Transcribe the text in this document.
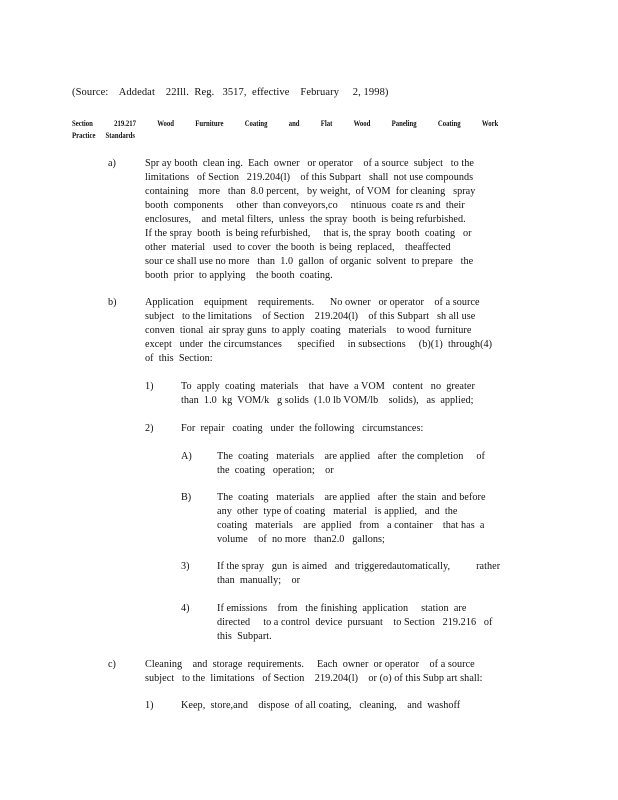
(Source:    Addedat    22Ill.  Reg.   3517,  effective    February     2, 1998)
Section	219.217	Wood	Furniture	Coating	and	Flat	Wood	Paneling	Coating	Work
Practice      Standards
a)	Spr ay booth  clean ing.  Each  owner   or operator    of a source  subject   to the
limitations   of Section   219.204(l)    of this Subpart   shall  not use compounds
containing    more   than  8.0 percent,   by weight,  of VOM  for cleaning   spray
booth  components     other  than conveyors,co     ntinuous  coate rs and  their
enclosures,    and  metal filters,  unless  the spray  booth  is being refurbished.
If the spray  booth  is being refurbished,     that is, the spray  booth  coating   or
other  material   used  to cover  the booth  is being  replaced,    theaffected
sour ce shall use no more   than  1.0  gallon  of organic  solvent  to prepare   the
booth  prior  to applying    the booth  coating.
b)	Application    equipment    requirements.      No owner   or operator    of a source
subject   to the limitations    of Section    219.204(l)    of this Subpart   sh all use
conven  tional  air spray guns  to apply  coating   materials    to wood  furniture
except   under  the circumstances      specified     in subsections     (b)(1)  through(4)
of  this  Section:
1)	To  apply  coating  materials    that  have  a VOM   content   no  greater
than  1.0  kg  VOM/k   g solids  (1.0 lb VOM/lb    solids),   as  applied;
2)	For  repair   coating   under  the following   circumstances:
A) The  coating   materials    are applied   after  the completion     of
the  coating   operation;    or
B)	The  coating   materials    are applied   after  the stain  and before
any  other  type of coating   material   is applied,   and  the
coating   materials    are  applied   from   a container    that has  a
volume    of  no more   than2.0   gallons;
3)	If the spray   gun  is aimed   and  triggeredautomatically,          rather
than  manually;    or
4)	If emissions    from   the finishing  application     station  are
directed     to a control  device  pursuant    to Section   219.216   of
this  Subpart.
c)	Cleaning    and  storage  requirements.     Each  owner  or operator    of a source
subject   to the  limitations   of Section    219.204(l)    or (o) of this Subp art shall:
1)	Keep,  store,and    dispose  of all coating,   cleaning,    and  washoff
